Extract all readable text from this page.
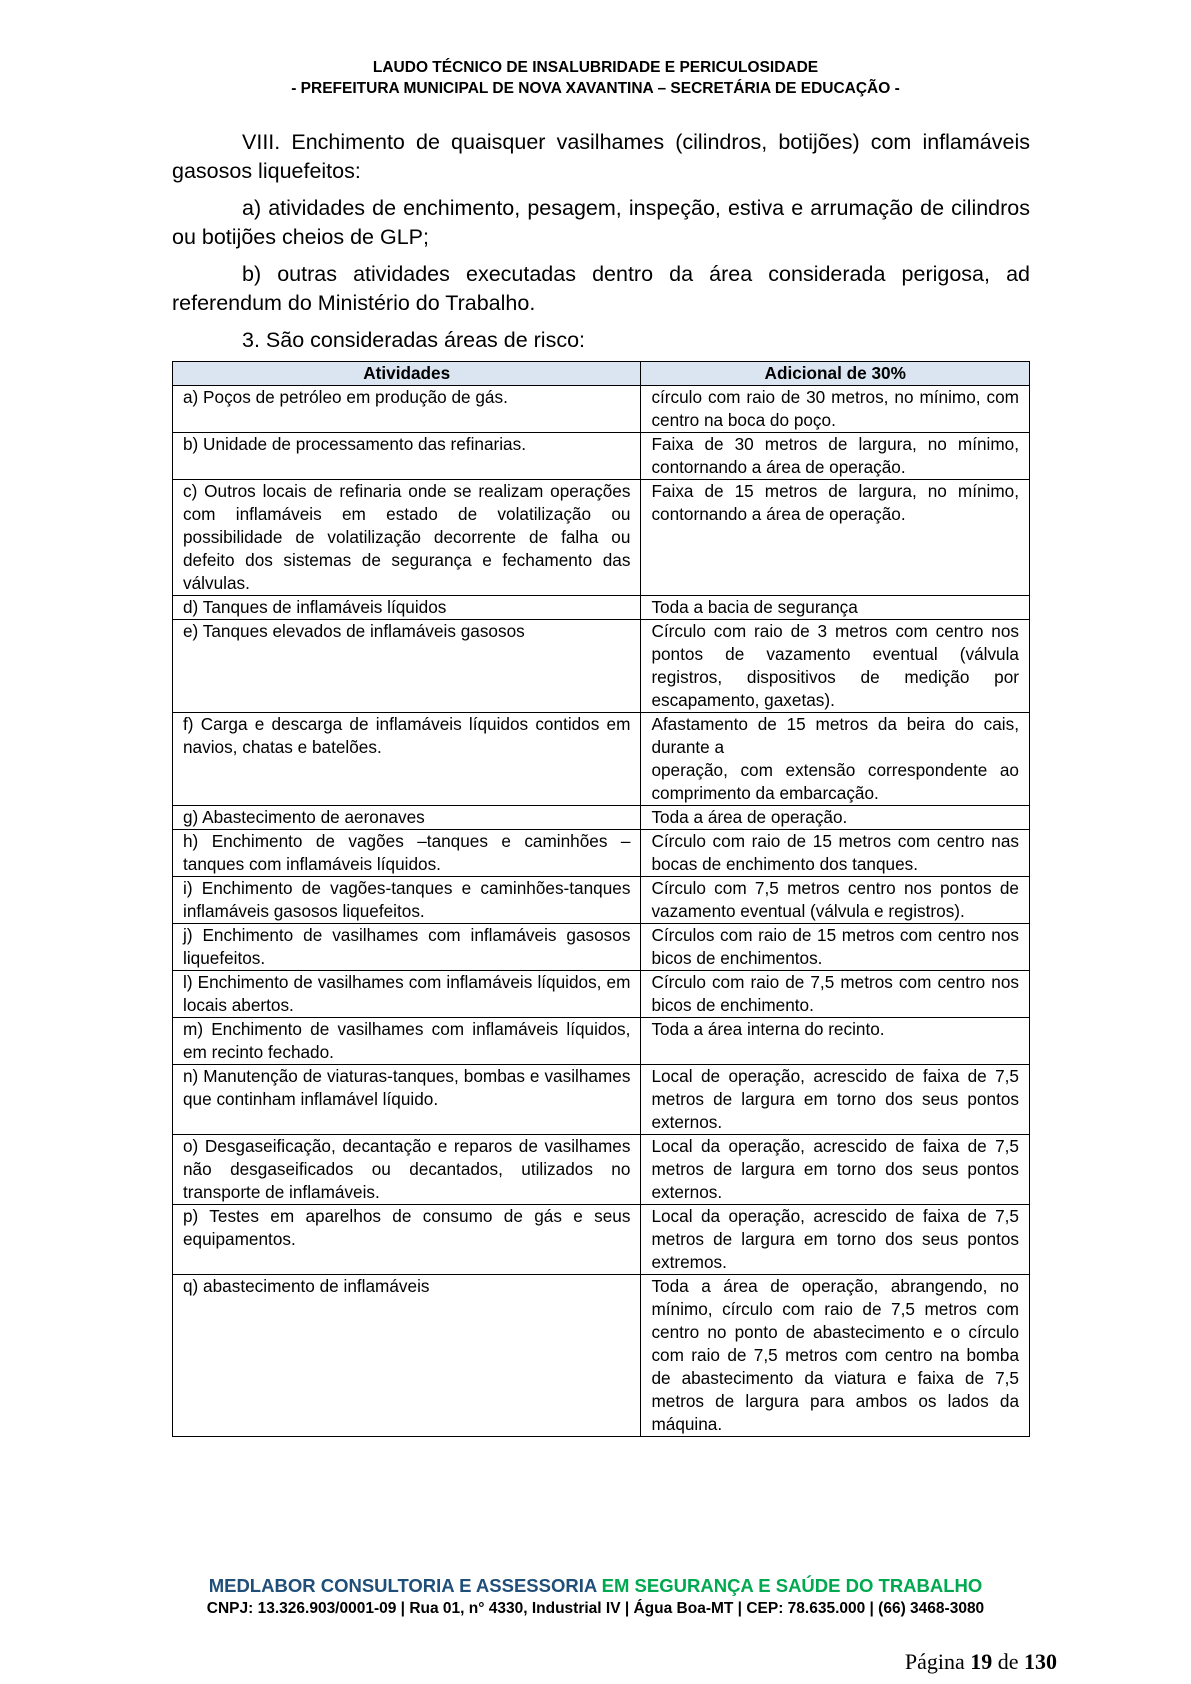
LAUDO TÉCNICO DE INSALUBRIDADE E PERICULOSIDADE
- PREFEITURA MUNICIPAL DE NOVA XAVANTINA – SECRETÁRIA DE EDUCAÇÃO -

VIII. Enchimento de quaisquer vasilhames (cilindros, botijões) com inflamáveis gasosos liquefeitos:

a) atividades de enchimento, pesagem, inspeção, estiva e arrumação de cilindros ou botijões cheios de GLP;

b) outras atividades executadas dentro da área considerada perigosa, ad referendum do Ministério do Trabalho.

3. São consideradas áreas de risco:
Atividades	Adicional de 30%
a) Poços de petróleo em produção de gás.	círculo com raio de 30 metros, no mínimo, com centro na boca do poço.
b) Unidade de processamento das refinarias.	Faixa de 30 metros de largura, no mínimo, contornando a área de operação.
c) Outros locais de refinaria onde se realizam operações com inflamáveis em estado de volatilização ou possibilidade de volatilização decorrente de falha ou defeito dos sistemas de segurança e fechamento das válvulas.	Faixa de 15 metros de largura, no mínimo, contornando a área de operação.
d) Tanques de inflamáveis líquidos	Toda a bacia de segurança
e) Tanques elevados de inflamáveis gasosos	Círculo com raio de 3 metros com centro nos pontos de vazamento eventual (válvula registros, dispositivos de medição por escapamento, gaxetas).
f) Carga e descarga de inflamáveis líquidos contidos em navios, chatas e batelões.	Afastamento de 15 metros da beira do cais, durante a
operação, com extensão correspondente ao comprimento da embarcação.
g) Abastecimento de aeronaves	Toda a área de operação.
h) Enchimento de vagões –tanques e caminhões –tanques com inflamáveis líquidos.	Círculo com raio de 15 metros com centro nas bocas de enchimento dos tanques.
i) Enchimento de vagões-tanques e caminhões-tanques inflamáveis gasosos liquefeitos.	Círculo com 7,5 metros centro nos pontos de vazamento eventual (válvula e registros).
j) Enchimento de vasilhames com inflamáveis gasosos liquefeitos.	Círculos com raio de 15 metros com centro nos bicos de enchimentos.
l) Enchimento de vasilhames com inflamáveis líquidos, em locais abertos.	Círculo com raio de 7,5 metros com centro nos bicos de enchimento.
m) Enchimento de vasilhames com inflamáveis líquidos, em recinto fechado.	Toda a área interna do recinto.
n) Manutenção de viaturas-tanques, bombas e vasilhames que continham inflamável líquido.	Local de operação, acrescido de faixa de 7,5 metros de largura em torno dos seus pontos externos.
o) Desgaseificação, decantação e reparos de vasilhames não desgaseificados ou decantados, utilizados no transporte de inflamáveis.	Local da operação, acrescido de faixa de 7,5 metros de largura em torno dos seus pontos externos.
p) Testes em aparelhos de consumo de gás e seus equipamentos.	Local da operação, acrescido de faixa de 7,5 metros de largura em torno dos seus pontos extremos.
q) abastecimento de inflamáveis	Toda a área de operação, abrangendo, no mínimo, círculo com raio de 7,5 metros com centro no ponto de abastecimento e o círculo com raio de 7,5 metros com centro na bomba de abastecimento da viatura e faixa de 7,5 metros de largura para ambos os lados da máquina.
MEDLABOR CONSULTORIA E ASSESSORIA EM SEGURANÇA E SAÚDE DO TRABALHO
CNPJ: 13.326.903/0001-09 | Rua 01, n° 4330, Industrial IV | Água Boa-MT | CEP: 78.635.000 | (66) 3468-3080
Página 19 de 130
